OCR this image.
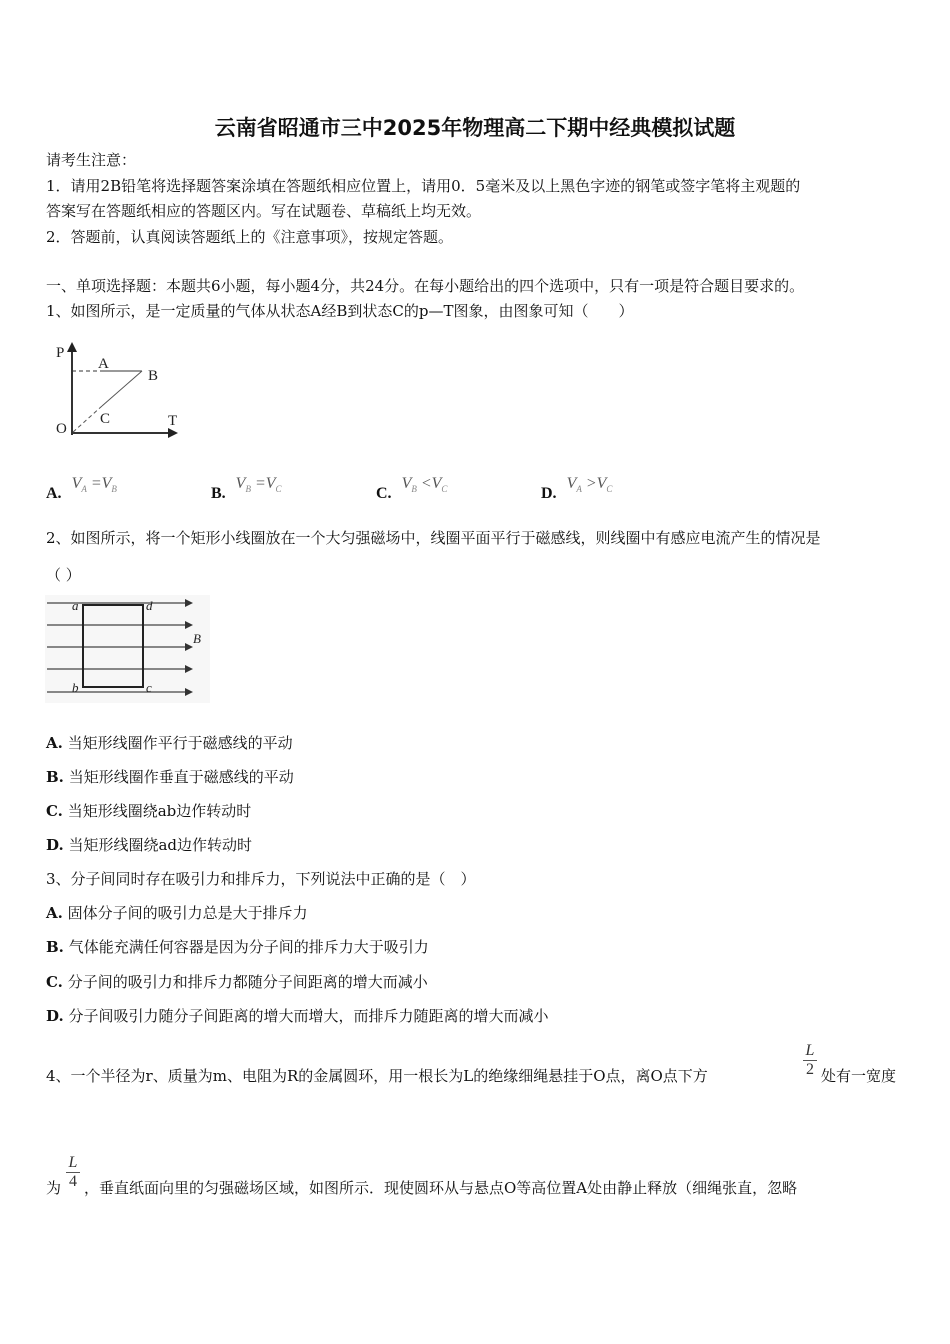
云南省昭通市三中2025年物理高二下期中经典模拟试题
请考生注意：
1．请用2B铅笔将选择题答案涂填在答题纸相应位置上，请用0．5毫米及以上黑色字迹的钢笔或签字笔将主观题的
答案写在答题纸相应的答题区内。写在试题卷、草稿纸上均无效。
2．答题前，认真阅读答题纸上的《注意事项》，按规定答题。
一、单项选择题：本题共6小题，每小题4分，共24分。在每小题给出的四个选项中，只有一项是符合题目要求的。
1、如图所示，是一定质量的气体从状态A经B到状态C的p—T图象，由图象可知（　　）
P
T
O
A
B
C
$A.V_A =V_B$	$B.V_B =V_C$	$C.V_B <V_C$	$D.V_A >V_C$
2、如图所示，将一个矩形小线圈放在一个大匀强磁场中，线圈平面平行于磁感线，则线圈中有感应电流产生的情况是
（ ）
a	d
b	c
B
A. 当矩形线圈作平行于磁感线的平动
B. 当矩形线圈作垂直于磁感线的平动
C. 当矩形线圈绕ab边作转动时
D. 当矩形线圈绕ad边作转动时
3、分子间同时存在吸引力和排斥力，下列说法中正确的是（　）
A. 固体分子间的吸引力总是大于排斥力
B. 气体能充满任何容器是因为分子间的排斥力大于吸引力
C. 分子间的吸引力和排斥力都随分子间距离的增大而减小
D. 分子间吸引力随分子间距离的增大而增大，而排斥力随距离的增大而减小
4、一个半径为r、质量为m、电阻为R的金属圆环，用一根长为L的绝缘细绳悬挂于O点，离O点下方	$\frac{L}{2}$ 处有一宽度
为 $\frac{L}{4}$ ，垂直纸面向里的匀强磁场区域，如图所示．现使圆环从与悬点O等高位置A处由静止释放（细绳张直，忽略
